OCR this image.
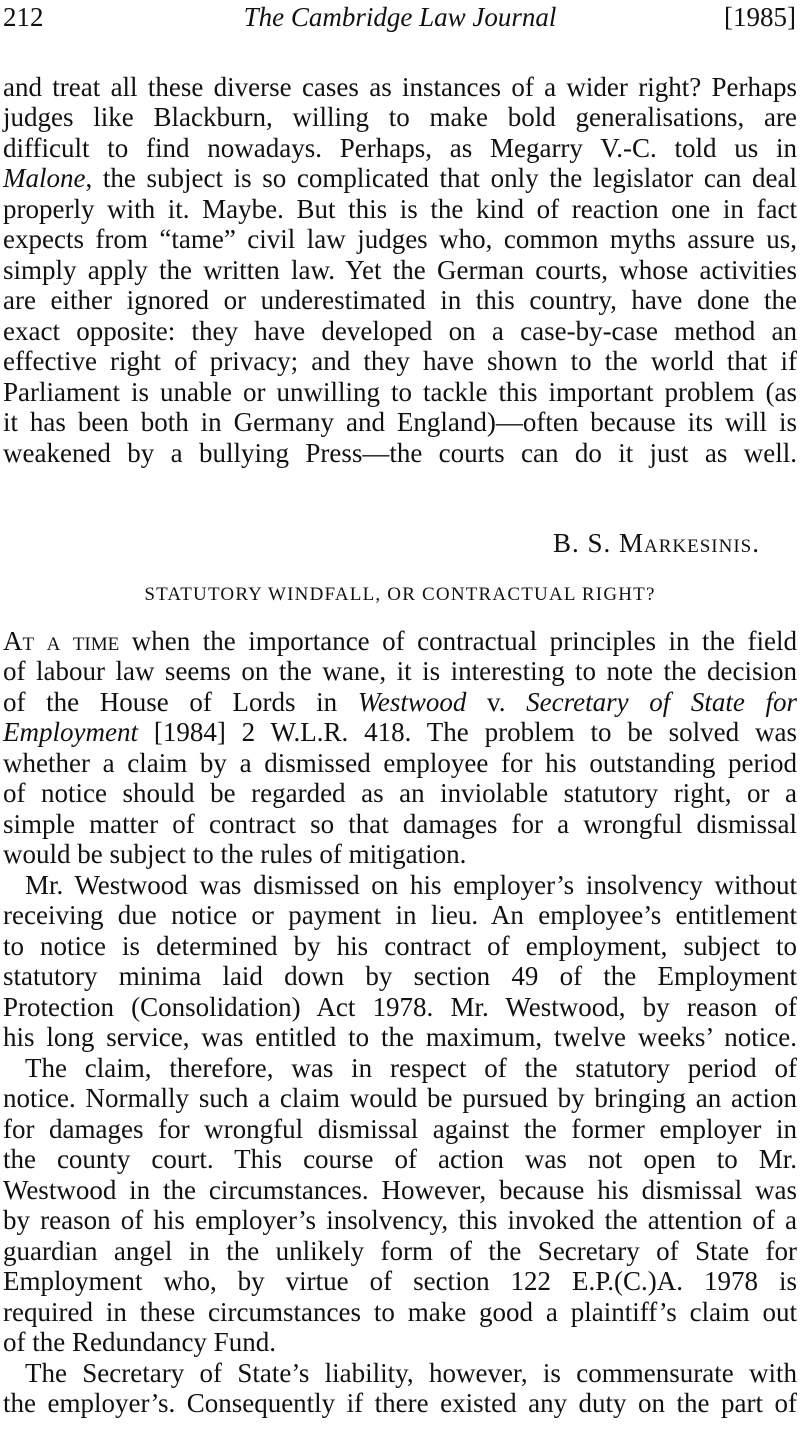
212	The Cambridge Law Journal	[1985]
and treat all these diverse cases as instances of a wider right? Perhaps
judges like Blackburn, willing to make bold generalisations, are
difficult to find nowadays. Perhaps, as Megarry V.-C. told us in
Malone, the subject is so complicated that only the legislator can deal
properly with it. Maybe. But this is the kind of reaction one in fact
expects from “tame” civil law judges who, common myths assure us,
simply apply the written law. Yet the German courts, whose activities
are either ignored or underestimated in this country, have done the
exact opposite: they have developed on a case-by-case method an
effective right of privacy; and they have shown to the world that if
Parliament is unable or unwilling to tackle this important problem (as
it has been both in Germany and England)—often because its will is
weakened by a bullying Press—the courts can do it just as well.
B. S. Markesinis.
STATUTORY WINDFALL, OR CONTRACTUAL RIGHT?
At a time when the importance of contractual principles in the field
of labour law seems on the wane, it is interesting to note the decision
of the House of Lords in Westwood v. Secretary of State for
Employment [1984] 2 W.L.R. 418. The problem to be solved was
whether a claim by a dismissed employee for his outstanding period
of notice should be regarded as an inviolable statutory right, or a
simple matter of contract so that damages for a wrongful dismissal
would be subject to the rules of mitigation.
Mr. Westwood was dismissed on his employer’s insolvency without
receiving due notice or payment in lieu. An employee’s entitlement
to notice is determined by his contract of employment, subject to
statutory minima laid down by section 49 of the Employment
Protection (Consolidation) Act 1978. Mr. Westwood, by reason of
his long service, was entitled to the maximum, twelve weeks’ notice.
The claim, therefore, was in respect of the statutory period of
notice. Normally such a claim would be pursued by bringing an action
for damages for wrongful dismissal against the former employer in
the county court. This course of action was not open to Mr.
Westwood in the circumstances. However, because his dismissal was
by reason of his employer’s insolvency, this invoked the attention of a
guardian angel in the unlikely form of the Secretary of State for
Employment who, by virtue of section 122 E.P.(C.)A. 1978 is
required in these circumstances to make good a plaintiff’s claim out
of the Redundancy Fund.
The Secretary of State’s liability, however, is commensurate with
the employer’s. Consequently if there existed any duty on the part of
